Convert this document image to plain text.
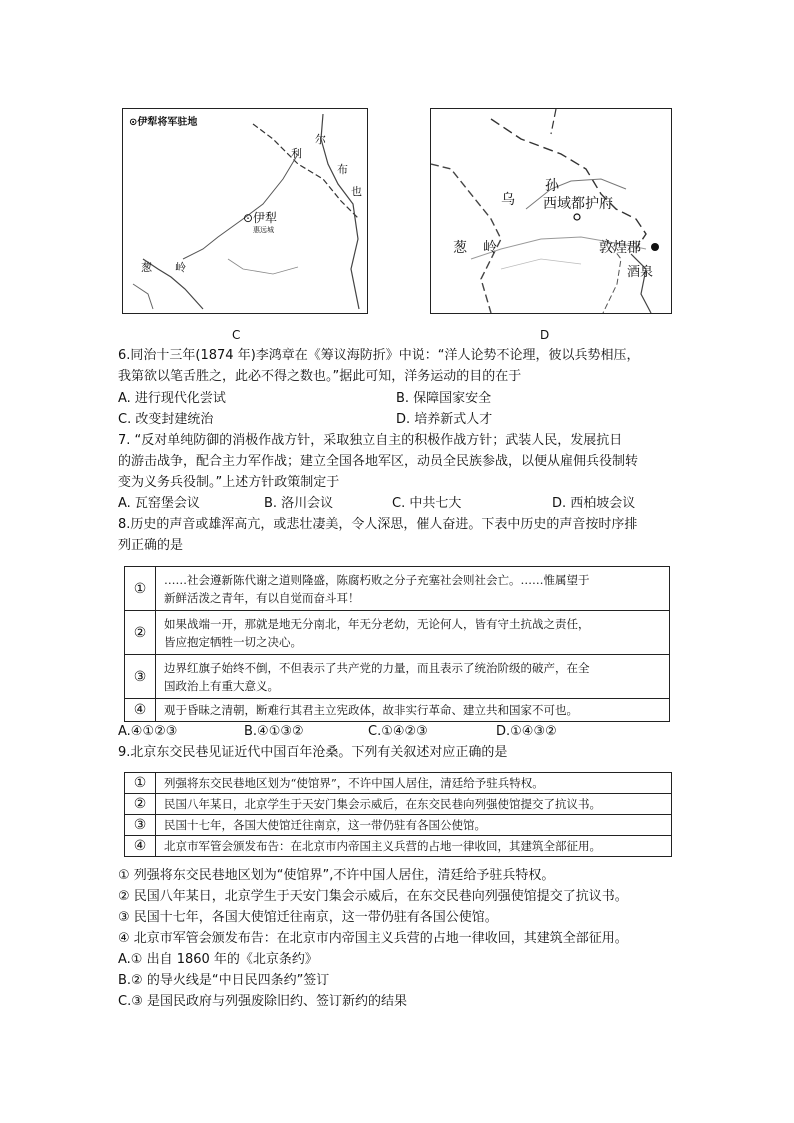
⊙伊犁将军驻地
利
尔
布
也
⊙伊犁
惠远城
葱 岭
C
孙
乌 西域都护府
葱 岭	敦煌郡
酒泉
D
6.同治十三年(1874 年)李鸿章在《筹议海防折》中说：“洋人论势不论理，彼以兵势相压，
我第欲以笔舌胜之，此必不得之数也。”据此可知，洋务运动的目的在于
A. 进行现代化尝试	B. 保障国家安全
C. 改变封建统治	D. 培养新式人才
7. “反对单纯防御的消极作战方针，采取独立自主的积极作战方针；武装人民，发展抗日
的游击战争，配合主力军作战；建立全国各地军区，动员全民族参战，以便从雇佣兵役制转
变为义务兵役制。”上述方针政策制定于
A. 瓦窑堡会议	B. 洛川会议	C. 中共七大	D. 西柏坡会议
8.历史的声音或雄浑高亢，或悲壮凄美，令人深思，催人奋进。下表中历史的声音按时序排
列正确的是
①	……社会遵新陈代谢之道则隆盛，陈腐朽败之分子充塞社会则社会亡。……惟属望于
新鲜活泼之青年，有以自觉而奋斗耳！

②	如果战端一开，那就是地无分南北，年无分老幼，无论何人，皆有守土抗战之责任，
皆应抱定牺牲一切之决心。

③	边界红旗子始终不倒，不但表示了共产党的力量，而且表示了统治阶级的破产，在全
国政治上有重大意义。

④	观于昏昧之清朝，断难行其君主立宪政体，故非实行革命、建立共和国家不可也。
A.④①②③	B.④①③②	C.①④②③	D.①④③②
9.北京东交民巷见证近代中国百年沧桑。下列有关叙述对应正确的是
①	列强将东交民巷地区划为“使馆界”，不许中国人居住，清廷给予驻兵特权。
②	民国八年某日，北京学生于天安门集会示威后，在东交民巷向列强使馆提交了抗议书。
③	民国十七年，各国大使馆迁往南京，这一带仍驻有各国公使馆。
④	北京市军管会颁发布告：在北京市内帝国主义兵营的占地一律收回，其建筑全部征用。
① 列强将东交民巷地区划为“使馆界”,不许中国人居住，清廷给予驻兵特权。
② 民国八年某日，北京学生于天安门集会示威后，在东交民巷向列强使馆提交了抗议书。
③ 民国十七年，各国大使馆迁往南京，这一带仍驻有各国公使馆。
④ 北京市军管会颁发布告：在北京市内帝国主义兵营的占地一律收回，其建筑全部征用。
A.① 出自 1860 年的《北京条约》
B.② 的导火线是“中日民四条约”签订
C.③ 是国民政府与列强废除旧约、签订新约的结果
